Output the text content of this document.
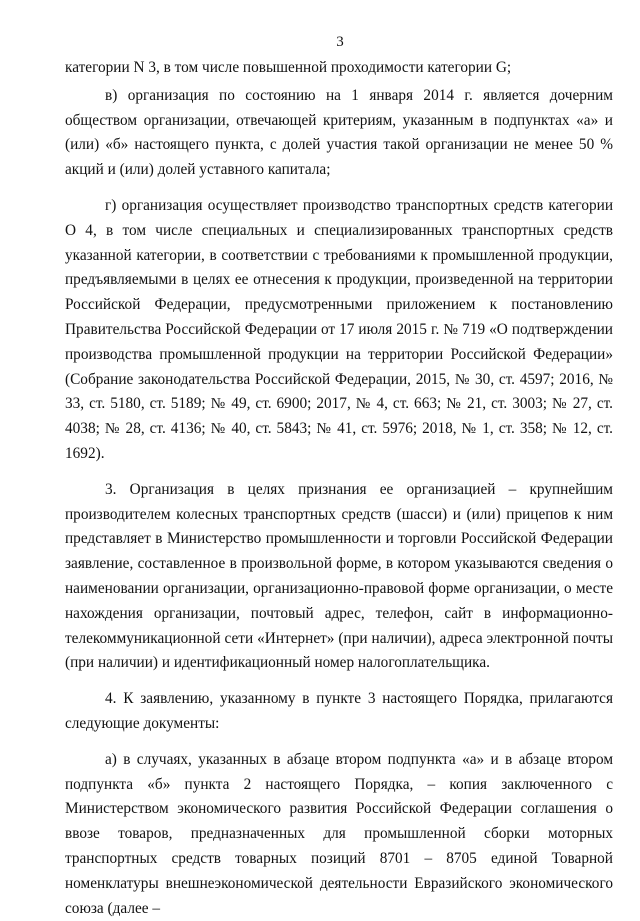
3

категории N 3, в том числе повышенной проходимости категории G;

в) организация по состоянию на 1 января 2014 г. является дочерним обществом организации, отвечающей критериям, указанным в подпунктах «а» и (или) «б» настоящего пункта, с долей участия такой организации не менее 50 % акций и (или) долей уставного капитала;

г) организация осуществляет производство транспортных средств категории О 4, в том числе специальных и специализированных транспортных средств указанной категории, в соответствии с требованиями к промышленной продукции, предъявляемыми в целях ее отнесения к продукции, произведенной на территории Российской Федерации, предусмотренными приложением к постановлению Правительства Российской Федерации от 17 июля 2015 г. № 719 «О подтверждении производства промышленной продукции на территории Российской Федерации» (Собрание законодательства Российской Федерации, 2015, № 30, ст. 4597; 2016, № 33, ст. 5180, ст. 5189; № 49, ст. 6900; 2017, № 4, ст. 663; № 21, ст. 3003; № 27, ст. 4038; № 28, ст. 4136; № 40, ст. 5843; № 41, ст. 5976; 2018, № 1, ст. 358; № 12, ст. 1692).

3. Организация в целях признания ее организацией – крупнейшим производителем колесных транспортных средств (шасси) и (или) прицепов к ним представляет в Министерство промышленности и торговли Российской Федерации заявление, составленное в произвольной форме, в котором указываются сведения о наименовании организации, организационно-правовой форме организации, о месте нахождения организации, почтовый адрес, телефон, сайт в информационно-телекоммуникационной сети «Интернет» (при наличии), адреса электронной почты (при наличии) и идентификационный номер налогоплательщика.

4. К заявлению, указанному в пункте 3 настоящего Порядка, прилагаются следующие документы:

а) в случаях, указанных в абзаце втором подпункта «а» и в абзаце втором подпункта «б» пункта 2 настоящего Порядка, – копия заключенного с Министерством экономического развития Российской Федерации соглашения о ввозе товаров, предназначенных для промышленной сборки моторных транспортных средств товарных позиций 8701 – 8705 единой Товарной номенклатуры внешнеэкономической деятельности Евразийского экономического союза (далее –
